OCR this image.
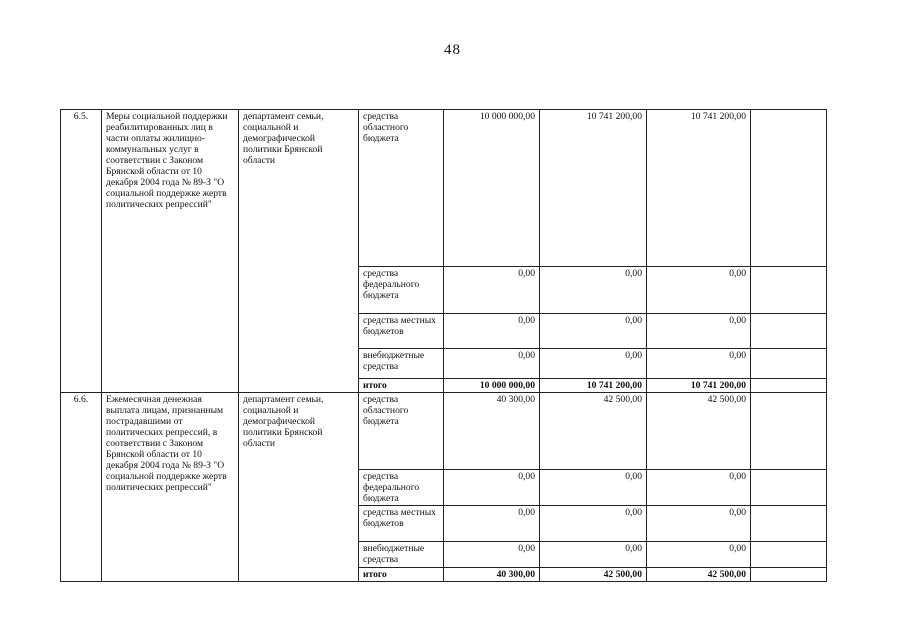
48
6.5.	Меры социальной поддержки реабилитированных лиц в части оплаты жилищно-коммунальных услуг в соответствии с Законом Брянской области от 10 декабря 2004 года № 89-З "О социальной поддержке жертв политических репрессий"	департамент семьи, социальной и демографической политики Брянской области	средства областного бюджета	10 000 000,00	10 741 200,00	10 741 200,00	
			средства федерального бюджета	0,00	0,00	0,00	
			средства местных бюджетов	0,00	0,00	0,00	
			внебюджетные средства	0,00	0,00	0,00	
			итого	10 000 000,00	10 741 200,00	10 741 200,00	
6.6.	Ежемесячная денежная выплата лицам, признанным пострадавшими от политических репрессий, в соответствии с Законом Брянской области от 10 декабря 2004 года № 89-З "О социальной поддержке жертв политических репрессий"	департамент семьи, социальной и демографической политики Брянской области	средства областного бюджета	40 300,00	42 500,00	42 500,00	
			средства федерального бюджета	0,00	0,00	0,00	
			средства местных бюджетов	0,00	0,00	0,00	
			внебюджетные средства	0,00	0,00	0,00	
			итого	40 300,00	42 500,00	42 500,00	
